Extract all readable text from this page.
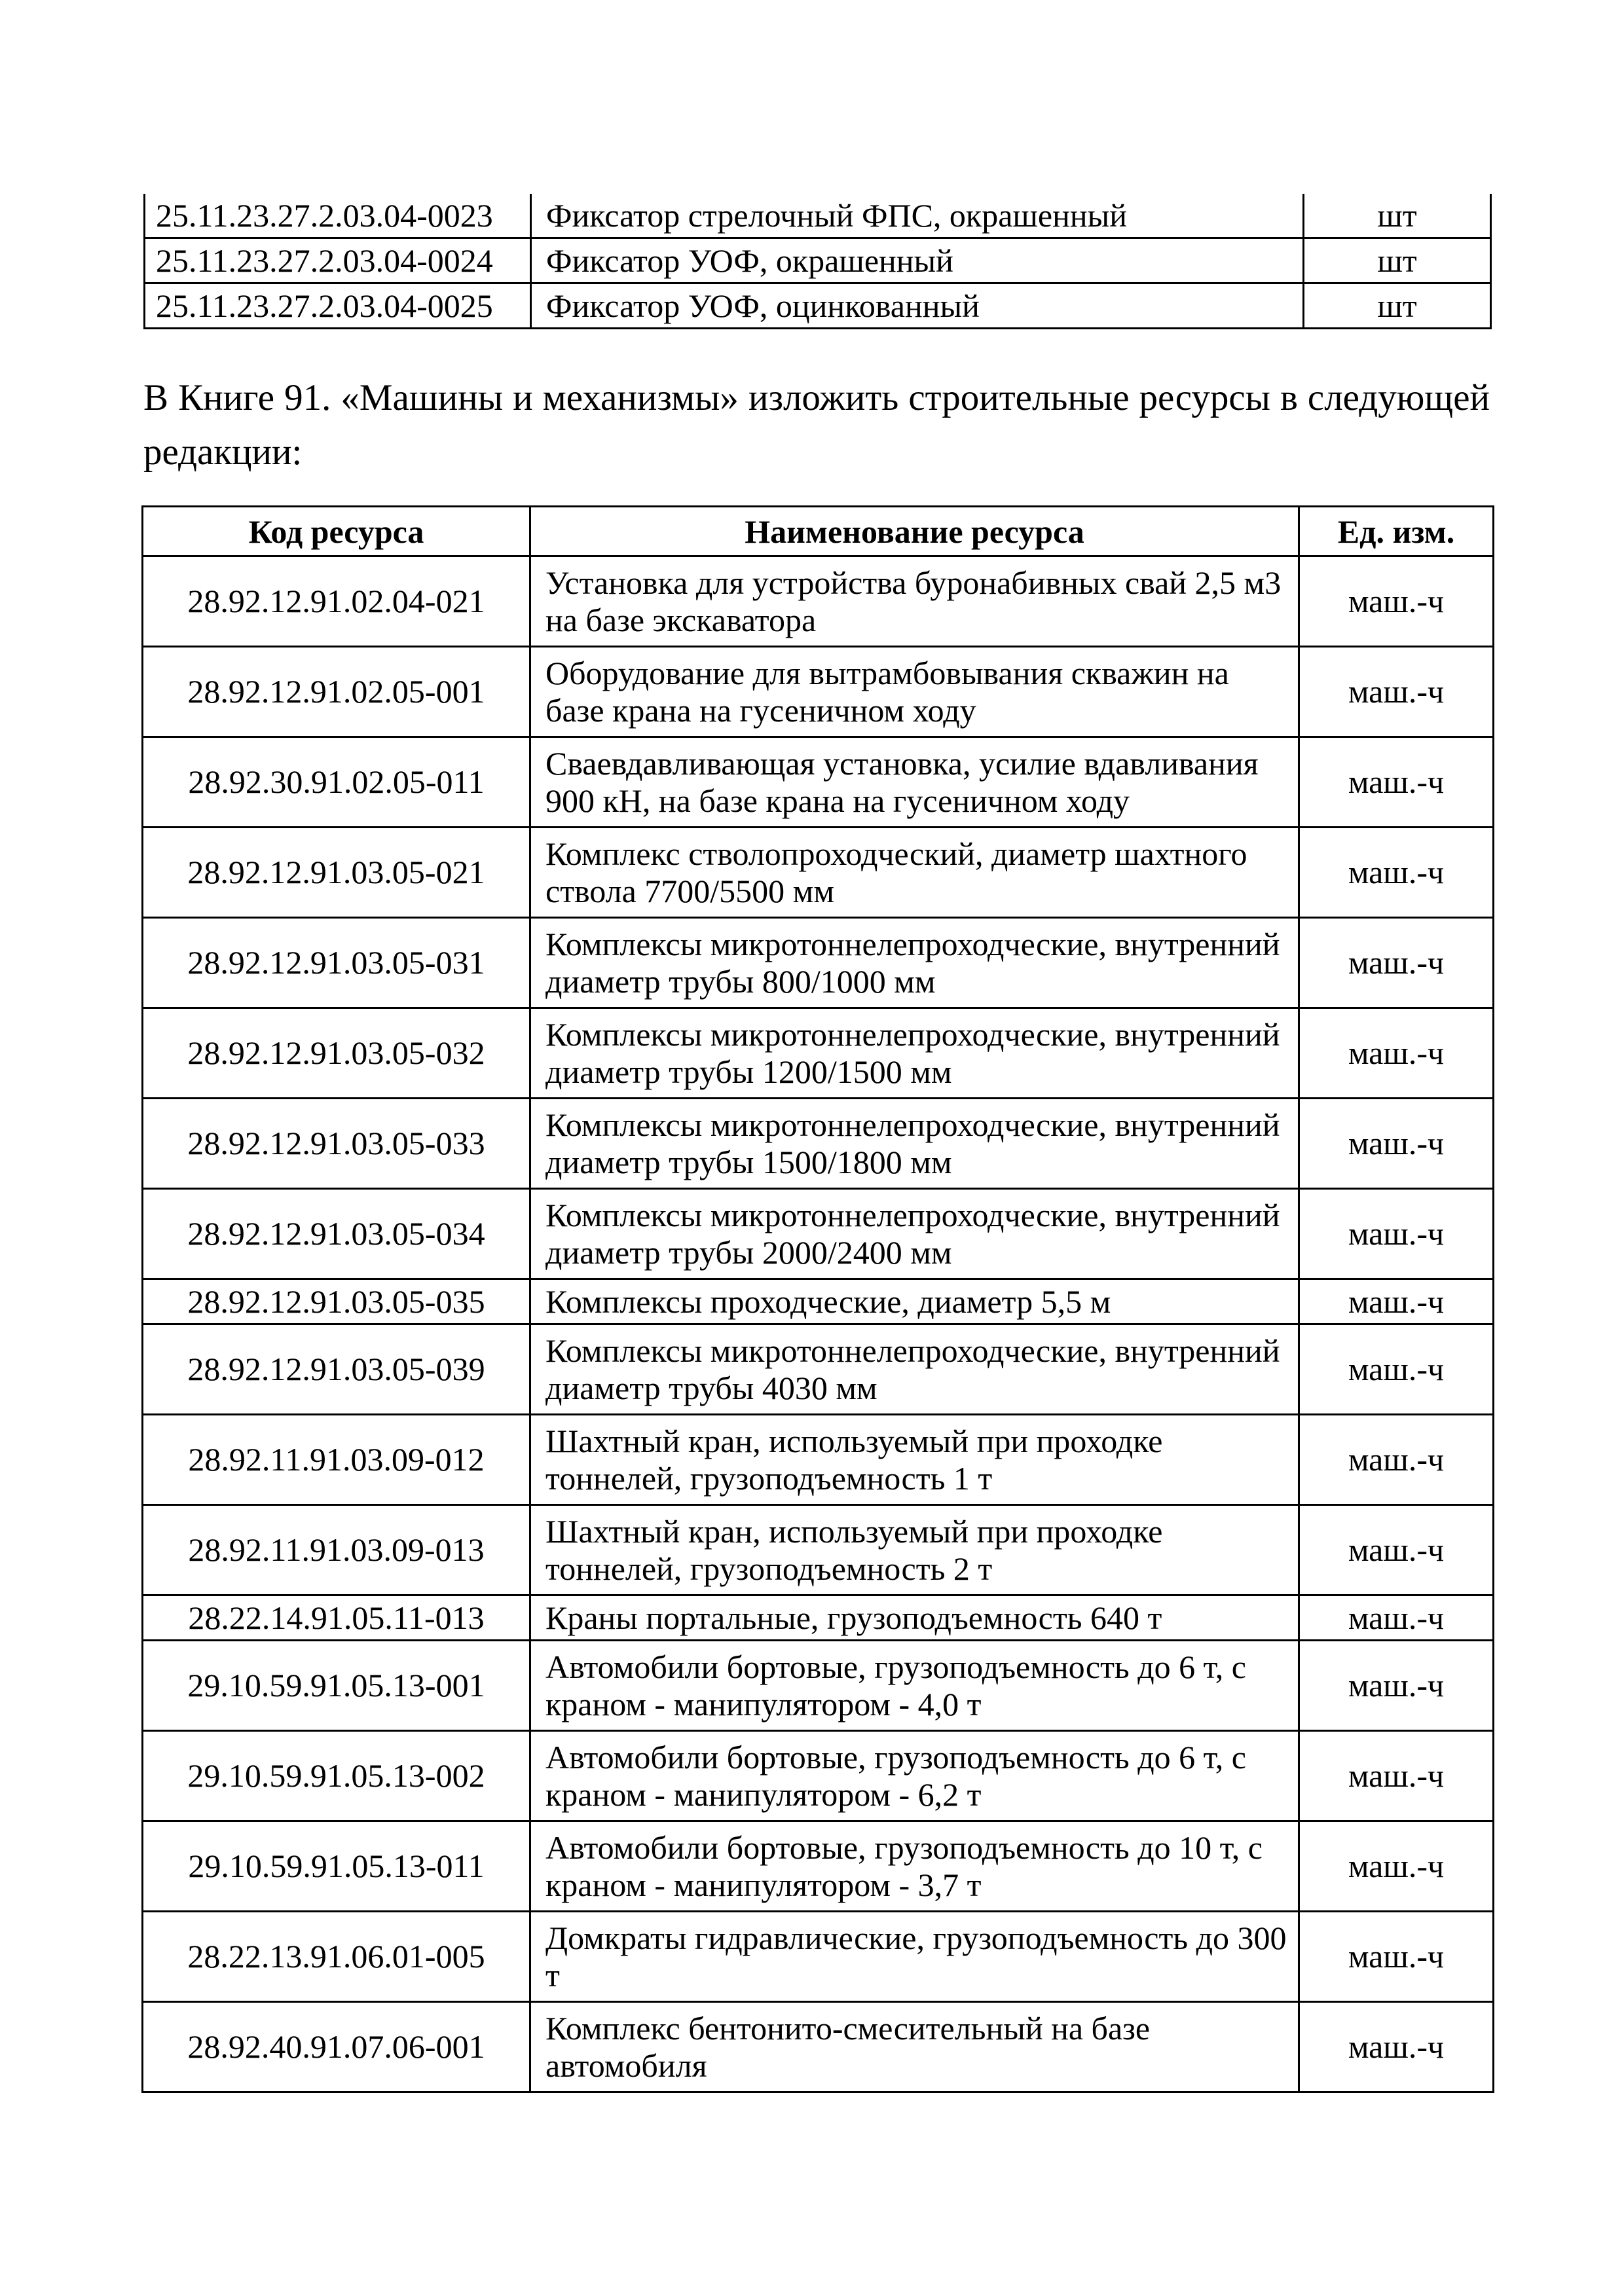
25.11.23.27.2.03.04-0023	Фиксатор стрелочный ФПС, окрашенный	шт
25.11.23.27.2.03.04-0024	Фиксатор УОФ, окрашенный	шт
25.11.23.27.2.03.04-0025	Фиксатор УОФ, оцинкованный	шт

В Книге 91. «Машины и механизмы» изложить строительные ресурсы в следующей редакции:

Код ресурса	Наименование ресурса	Ед. изм.
28.92.12.91.02.04-021	Установка для устройства буронабивных свай 2,5 м3 на базе экскаватора	маш.-ч
28.92.12.91.02.05-001	Оборудование для вытрамбовывания скважин на базе крана на гусеничном ходу	маш.-ч
28.92.30.91.02.05-011	Сваевдавливающая установка, усилие вдавливания 900 кН, на базе крана на гусеничном ходу	маш.-ч
28.92.12.91.03.05-021	Комплекс стволопроходческий, диаметр шахтного ствола 7700/5500 мм	маш.-ч
28.92.12.91.03.05-031	Комплексы микротоннелепроходческие, внутренний диаметр трубы 800/1000 мм	маш.-ч
28.92.12.91.03.05-032	Комплексы микротоннелепроходческие, внутренний диаметр трубы 1200/1500 мм	маш.-ч
28.92.12.91.03.05-033	Комплексы микротоннелепроходческие, внутренний диаметр трубы 1500/1800 мм	маш.-ч
28.92.12.91.03.05-034	Комплексы микротоннелепроходческие, внутренний диаметр трубы 2000/2400 мм	маш.-ч
28.92.12.91.03.05-035	Комплексы проходческие, диаметр 5,5 м	маш.-ч
28.92.12.91.03.05-039	Комплексы микротоннелепроходческие, внутренний диаметр трубы 4030 мм	маш.-ч
28.92.11.91.03.09-012	Шахтный кран, используемый при проходке тоннелей, грузоподъемность 1 т	маш.-ч
28.92.11.91.03.09-013	Шахтный кран, используемый при проходке тоннелей, грузоподъемность 2 т	маш.-ч
28.22.14.91.05.11-013	Краны портальные, грузоподъемность 640 т	маш.-ч
29.10.59.91.05.13-001	Автомобили бортовые, грузоподъемность до 6 т, с краном - манипулятором - 4,0 т	маш.-ч
29.10.59.91.05.13-002	Автомобили бортовые, грузоподъемность до 6 т, с краном - манипулятором - 6,2 т	маш.-ч
29.10.59.91.05.13-011	Автомобили бортовые, грузоподъемность до 10 т, с краном - манипулятором - 3,7 т	маш.-ч
28.22.13.91.06.01-005	Домкраты гидравлические, грузоподъемность до 300 т	маш.-ч
28.92.40.91.07.06-001	Комплекс бентонито-смесительный на базе автомобиля	маш.-ч
